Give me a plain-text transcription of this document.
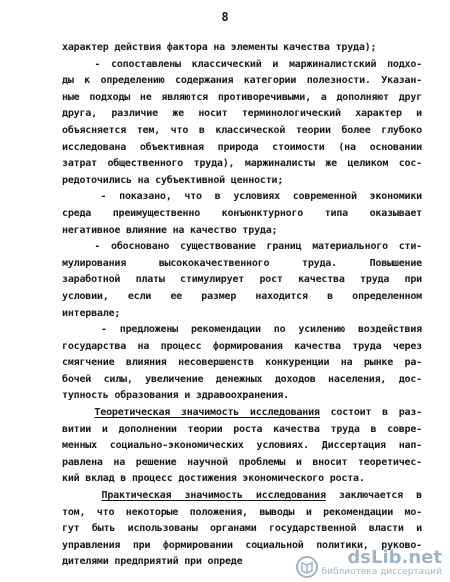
8
характер действия фактора на элементы качества труда);
- сопоставлены классический и маржиналистский подхо-
ды к определению содержания категории полезности. Указан-
ные подходы не являются противоречивыми, а дополняют друг
друга, различие же носит терминологический характер и
объясняется тем, что в классической теории более глубоко
исследована объективная природа стоимости (на основании
затрат общественного труда), маржиналисты же целиком сос-
редоточились на субъективной ценности;
- показано, что в условиях современной экономики
среда преимущественно конъюнктурного типа оказывает
негативное влияние на качество труда;
- обосновано существование границ материального сти-
мулирования высококачественного труда. Повышение
заработной платы стимулирует рост качества труда при
условии, если ее размер находится в определенном
интервале;
- предложены рекомендации по усилению воздействия
государства на процесс формирования качества труда через
смягчение влияния несовершенств конкуренции на рынке ра-
бочей силы, увеличение денежных доходов населения, дос-
тупность образования и здравоохранения.
Теоретическая значимость исследования состоит в раз-
витии и дополнении теории роста качества труда в совре-
менных социально-экономических условиях. Диссертация нап-
равлена на решение научной проблемы и вносит теоретичес-
кий вклад в процесс достижения экономического роста.
Практическая значимость исследования заключается в
том, что некоторые положения, выводы и рекомендации мо-
гут быть использованы органами государственной власти и
управления при формировании социальной политики, руково-
дителями предприятий при опреде	dsLib.net
библиотека диссертаций
